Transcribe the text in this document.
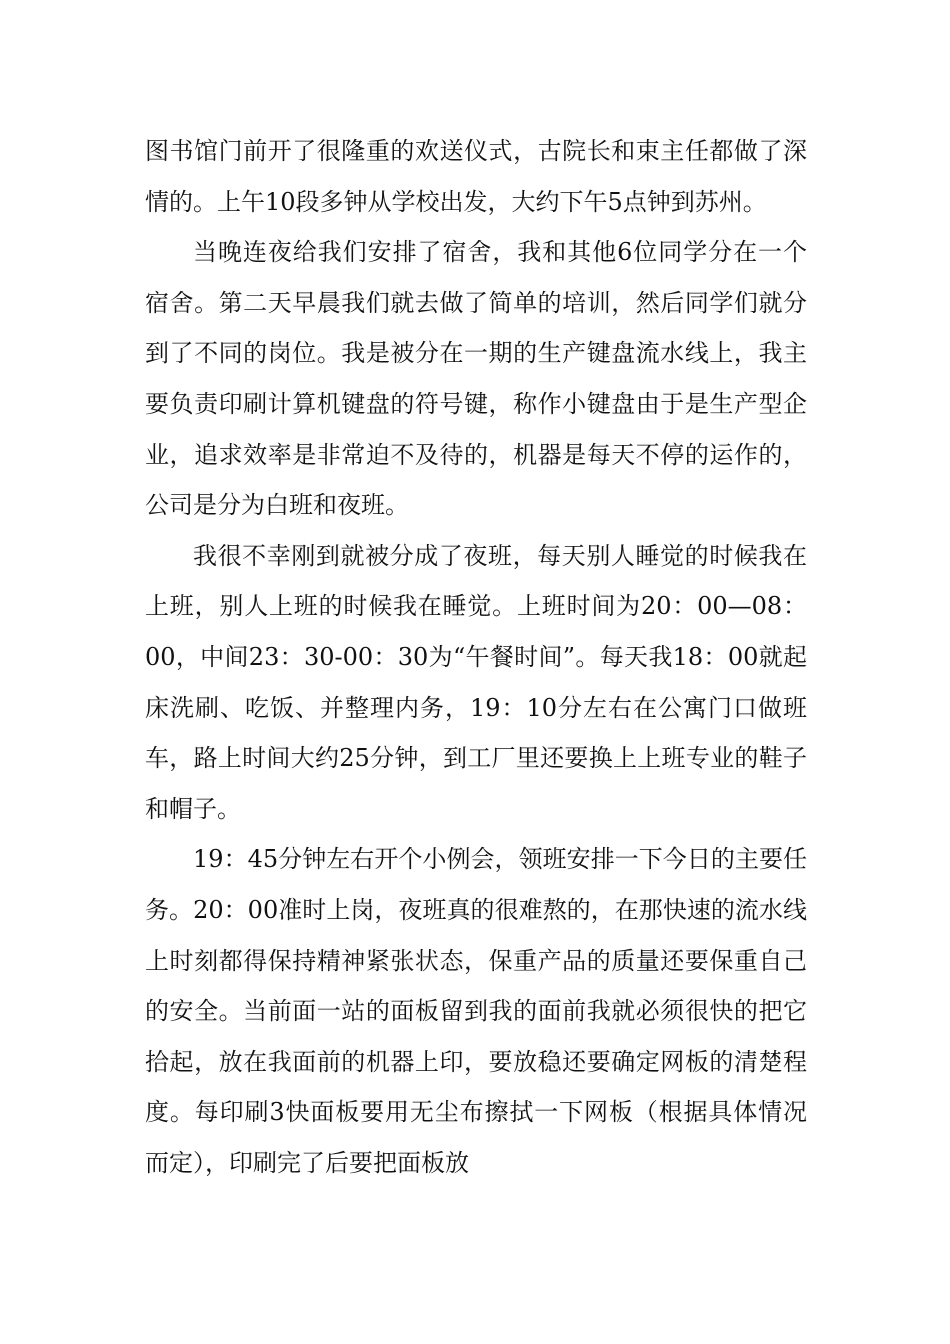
图书馆门前开了很隆重的欢送仪式，古院长和束主任都做了深情的。上午10段多钟从学校出发，大约下午5点钟到苏州。

当晚连夜给我们安排了宿舍，我和其他6位同学分在一个宿舍。第二天早晨我们就去做了简单的培训，然后同学们就分到了不同的岗位。我是被分在一期的生产键盘流水线上，我主要负责印刷计算机键盘的符号键，称作小键盘由于是生产型企业，追求效率是非常迫不及待的，机器是每天不停的运作的，公司是分为白班和夜班。

我很不幸刚到就被分成了夜班，每天别人睡觉的时候我在上班，别人上班的时候我在睡觉。上班时间为20：00—08：00，中间23：30-00：30为“午餐时间”。每天我18：00就起床洗刷、吃饭、并整理内务，19：10分左右在公寓门口做班车，路上时间大约25分钟，到工厂里还要换上上班专业的鞋子和帽子。

19：45分钟左右开个小例会，领班安排一下今日的主要任务。20：00准时上岗，夜班真的很难熬的，在那快速的流水线上时刻都得保持精神紧张状态，保重产品的质量还要保重自己的安全。当前面一站的面板留到我的面前我就必须很快的把它拾起，放在我面前的机器上印，要放稳还要确定网板的清楚程度。每印刷3快面板要用无尘布擦拭一下网板（根据具体情况而定），印刷完了后要把面板放
